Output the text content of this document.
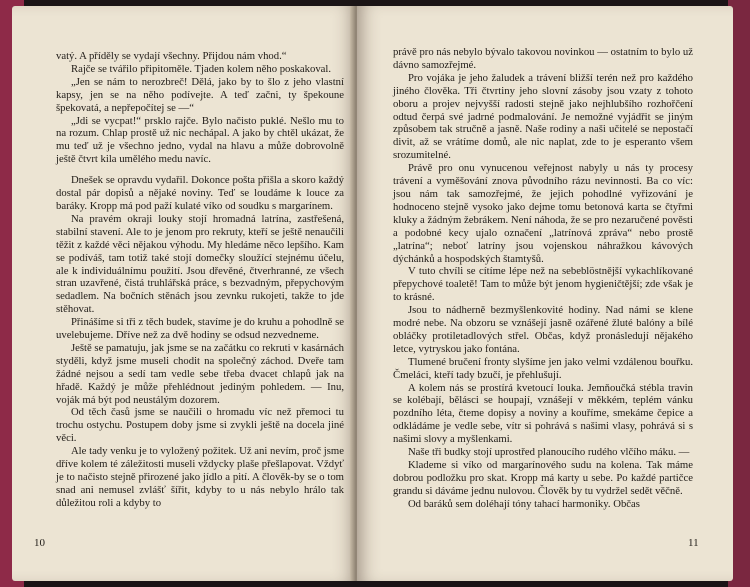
vatý. A příděly se vydají všechny. Přijdou nám vhod.“

Rajče se tvářilo připitoměle. Tjaden kolem něho poskakoval.

„Jen se nám to nerozbreč! Dělá, jako by to šlo z jeho vlastní kapsy, jen se na něho podívejte. A teď začni, ty špekoune špekovatá, a nepřepočítej se —“

„Jdi se vycpat!“ prsklo rajče. Bylo načisto puklé. Nešlo mu to na rozum. Chlap prostě už nic nechápal. A jako by chtěl ukázat, že mu teď už je všechno jedno, vydal na hlavu a může dobrovolně ještě čtvrt kila umělého medu navíc.

Dnešek se opravdu vydařil. Dokonce pošta přišla a skoro každý dostal pár dopisů a nějaké noviny. Teď se loudáme k louce za baráky. Kropp má pod paží kulaté víko od soudku s margarínem.

Na pravém okraji louky stojí hromadná latrína, zastřešená, stabilní stavení. Ale to je jenom pro rekruty, kteří se ještě nenaučili těžit z každé věci nějakou výhodu. My hledáme něco lepšího. Kam se podíváš, tam totiž také stojí domečky sloužící stejnému účelu, ale k individuálnímu použití. Jsou dřevěné, čtverhranné, ze všech stran uzavřené, čistá truhlářská práce, s bezvadným, přepychovým sedadlem. Na bočních stěnách jsou zevnku rukojeti, takže to jde stěhovat.

Přinášíme si tři z těch budek, stavíme je do kruhu a pohodlně se uvelebujeme. Dříve než za dvě hodiny se odsud nezvedneme.

Ještě se pamatuju, jak jsme se na začátku co rekruti v kasárnách styděli, když jsme museli chodit na společný záchod. Dveře tam žádné nejsou a sedí tam vedle sebe třeba dvacet chlapů jak na hřadě. Každý je může přehlédnout jediným pohledem. — Inu, voják má být pod neustálým dozorem.

Od těch časů jsme se naučili o hromadu víc než přemoci tu trochu ostychu. Postupem doby jsme si zvykli ještě na docela jiné věci.

Ale tady venku je to vyložený požitek. Už ani nevím, proč jsme dříve kolem té záležitosti museli vždycky plaše přešlapovat. Vždyť je to načisto stejně přirozené jako jídlo a pití. A člověk-by se o tom snad ani nemusel zvlášť šířit, kdyby to u nás nebylo hrálo tak důležitou roli a kdyby to

právě pro nás nebylo bývalo takovou novinkou — ostatním to bylo už dávno samozřejmé.

Pro vojáka je jeho žaludek a trávení bližší terén než pro každého jiného člověka. Tři čtvrtiny jeho slovní zásoby jsou vzaty z tohoto oboru a projev nejvyšší radosti stejně jako nejhlubšího rozhořčení odtud čerpá své jadrné podmalování. Je nemožné vyjádřit se jiným způsobem tak stručně a jasně. Naše rodiny a naši učitelé se nepostačí divit, až se vrátíme domů, ale nic naplat, zde to je esperanto všem srozumitelné.

Právě pro onu vynucenou veřejnost nabyly u nás ty procesy trávení a vyměšování znova původního rázu nevinnosti. Ba co víc: jsou nám tak samozřejmé, že jejich pohodlné vyřizování je hodnoceno stejně vysoko jako dejme tomu betonová karta se čtyřmi kluky a žádným žebrákem. Není náhoda, že se pro nezaručené pověsti a podobné kecy ujalo označení „latrínová zpráva“ nebo prostě „latrína“; neboť latríny jsou vojenskou náhražkou kávových dýchánků a hospodských štamtyšů.

V tuto chvíli se cítíme lépe než na sebeblöstnější vykachlíkované přepychové toaletě! Tam to může být jenom hygieničtější; zde však je to krásné.

Jsou to nádherně bezmyšlenkovité hodiny. Nad námi se klene modré nebe. Na obzoru se vznášejí jasně ozářené žluté balóny a bílé obláčky protiletadlových střel. Občas, když pronásledují nějakého letce, vytryskou jako fontána.

Tlumené bručení fronty slyšíme jen jako velmi vzdálenou bouřku. Čmeláci, kteří tady bzučí, je přehlušují.

A kolem nás se prostírá kvetoucí louka. Jemňoučká stébla travin se kolébají, bělásci se houpají, vznášejí v měkkém, teplém vánku pozdního léta, čteme dopisy a noviny a kouříme, smekáme čepice a odkládáme je vedle sebe, vítr si pohrává s našimi vlasy, pohrává si s našimi slovy a myšlenkami.

Naše tři budky stojí uprostřed planoucího rudého vlčího máku. —

Klademe si víko od margarínového sudu na kolena. Tak máme dobrou podložku pro skat. Kropp má karty u sebe. Po každé partičce grandu si dáváme jednu nulovou. Člověk by tu vydržel sedět věčně.

Od baráků sem doléhají tóny tahací harmoniky. Občas

10	11
